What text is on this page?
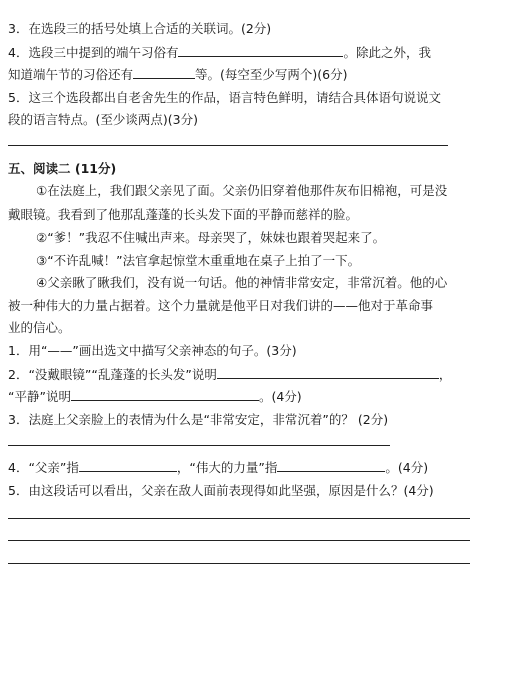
3．在选段三的括号处填上合适的关联词。(2分)
4．选段三中提到的端午习俗有	。除此之外，我
知道端午节的习俗还有	等。(每空至少写两个)(6分)
5．这三个选段都出自老舍先生的作品，语言特色鲜明，请结合具体语句说说文
段的语言特点。(至少谈两点)(3分)
五、阅读二 (11分)
①在法庭上，我们跟父亲见了面。父亲仍旧穿着他那件灰布旧棉袍，可是没
戴眼镜。我看到了他那乱蓬蓬的长头发下面的平静而慈祥的脸。
②“爹！”我忍不住喊出声来。母亲哭了，妹妹也跟着哭起来了。
③“不许乱喊！”法官拿起惊堂木重重地在桌子上拍了一下。
④父亲瞅了瞅我们，没有说一句话。他的神情非常安定，非常沉着。他的心
被一种伟大的力量占据着。这个力量就是他平日对我们讲的——他对于革命事
业的信心。
1．用“——”画出选文中描写父亲神态的句子。(3分)
2．“没戴眼镜”“乱蓬蓬的长头发”说明	，
“平静”说明	。(4分)
3．法庭上父亲脸上的表情为什么是“非常安定，非常沉着”的？ (2分)
4．“父亲”指	，“伟大的力量”指	。(4分)
5．由这段话可以看出，父亲在敌人面前表现得如此坚强，原因是什么？(4分)
